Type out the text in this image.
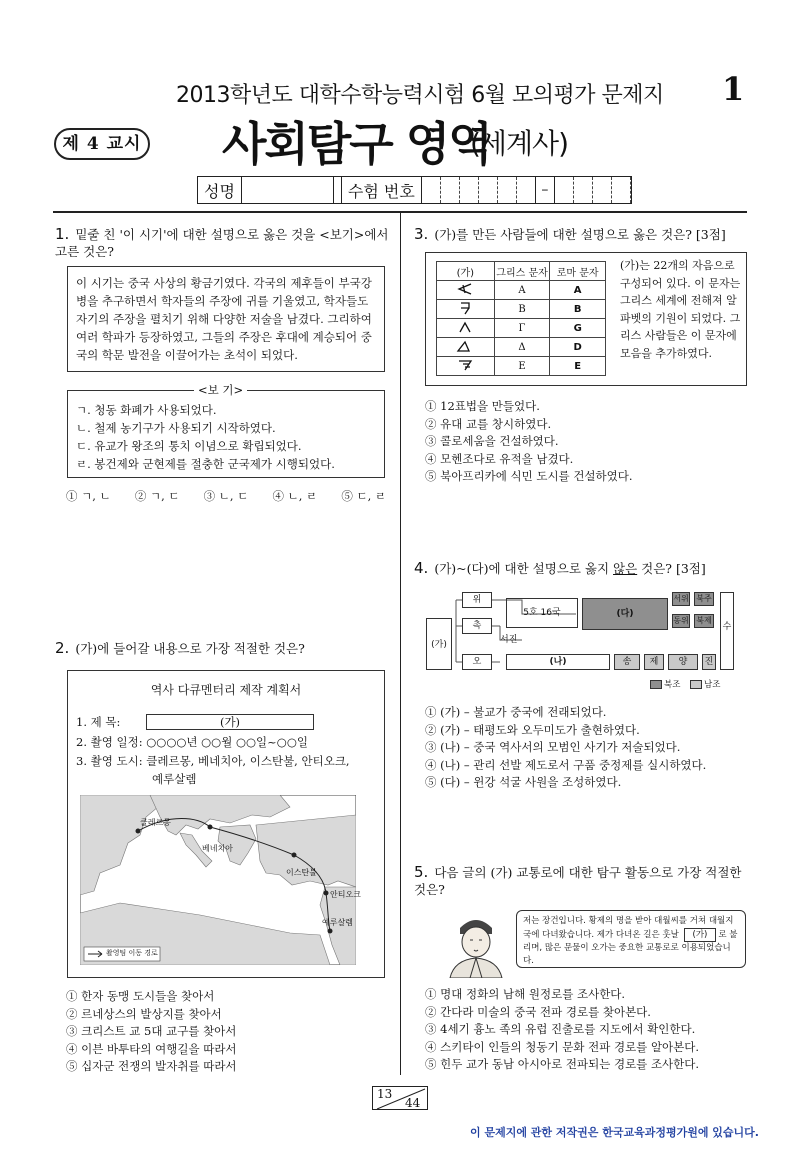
2013학년도 대학수학능력시험 6월 모의평가 문제지 1
제 4 교시 사회탐구 영역
(세계사)
성명	수험 번호	–
1. 밑줄 친 '이 시기'에 대한 설명으로 옳은 것을 <보기>에서 고른 것은?
이 시기는 중국 사상의 황금기였다. 각국의 제후들이 부국강병을 추구하면서 학자들의 주장에 귀를 기울였고, 학자들도 자기의 주장을 펼치기 위해 다양한 저술을 남겼다. 그리하여 여러 학파가 등장하였고, 그들의 주장은 후대에 계승되어 중국의 학문 발전을 이끌어가는 초석이 되었다.
<보 기>
ㄱ. 청동 화폐가 사용되었다.
ㄴ. 철제 농기구가 사용되기 시작하였다.
ㄷ. 유교가 왕조의 통치 이념으로 확립되었다.
ㄹ. 봉건제와 군현제를 절충한 군국제가 시행되었다.
① ㄱ, ㄴ ② ㄱ, ㄷ ③ ㄴ, ㄷ ④ ㄴ, ㄹ ⑤ ㄷ, ㄹ
2. (가)에 들어갈 내용으로 가장 적절한 것은?
역사 다큐멘터리 제작 계획서
1. 제 목:	(가)
2. 촬영 일정: ○○○○년 ○○월 ○○일~○○일
3. 촬영 도시: 클레르몽, 베네치아, 이스탄불, 안티오크,
예루살렘
클레르몽
베네치아
이스탄불
안티오크
예루살렘
촬영팀 이동 경로
① 한자 동맹 도시들을 찾아서
② 르네상스의 발상지를 찾아서
③ 크리스트 교 5대 교구를 찾아서
④ 이븐 바투타의 여행길을 따라서
⑤ 십자군 전쟁의 발자취를 따라서
3. (가)를 만든 사람들에 대한 설명으로 옳은 것은? [3점]
(가)	그리스 문자	로마 문자
	Α	A
	Β	B
	Γ	G
	Δ	D
	Ε	E
(가)는 22개의 자음으로 구성되어 있다. 이 문자는 그리스 세계에 전해져 알파벳의 기원이 되었다. 그리스 사람들은 이 문자에 모음을 추가하였다.
① 12표법을 만들었다.
② 유대 교를 창시하였다.
③ 콜로세움을 건설하였다.
④ 모헨조다로 유적을 남겼다.
⑤ 북아프리카에 식민 도시를 건설하였다.
4. (가)~(다)에 대한 설명으로 옳지 않은 것은? [3점]
(가)
위
촉
오
서진
5호 16국	(다)
서위 북주
동위 북제
수
(나)	송	제	양	진
북조	남조
① (가) – 불교가 중국에 전래되었다.
② (가) – 태평도와 오두미도가 출현하였다.
③ (나) – 중국 역사서의 모범인 사기가 저술되었다.
④ (나) – 관리 선발 제도로서 구품 중정제를 실시하였다.
⑤ (다) – 윈강 석굴 사원을 조성하였다.
5. 다음 글의 (가) 교통로에 대한 탐구 활동으로 가장 적절한 것은?
저는 장건입니다. 황제의 명을 받아 대월씨를 거쳐 대월지국에 다녀왔습니다. 제가 다녀온 길은 훗날 (가) 로 불리며, 많은 문물이 오가는 중요한 교통로로 이용되었습니다.
① 명대 정화의 남해 원정로를 조사한다.
② 간다라 미술의 중국 전파 경로를 찾아본다.
③ 4세기 흉노 족의 유럽 진출로를 지도에서 확인한다.
④ 스키타이 인들의 청동기 문화 전파 경로를 알아본다.
⑤ 힌두 교가 동남 아시아로 전파되는 경로를 조사한다.
13
44
이 문제지에 관한 저작권은 한국교육과정평가원에 있습니다.
